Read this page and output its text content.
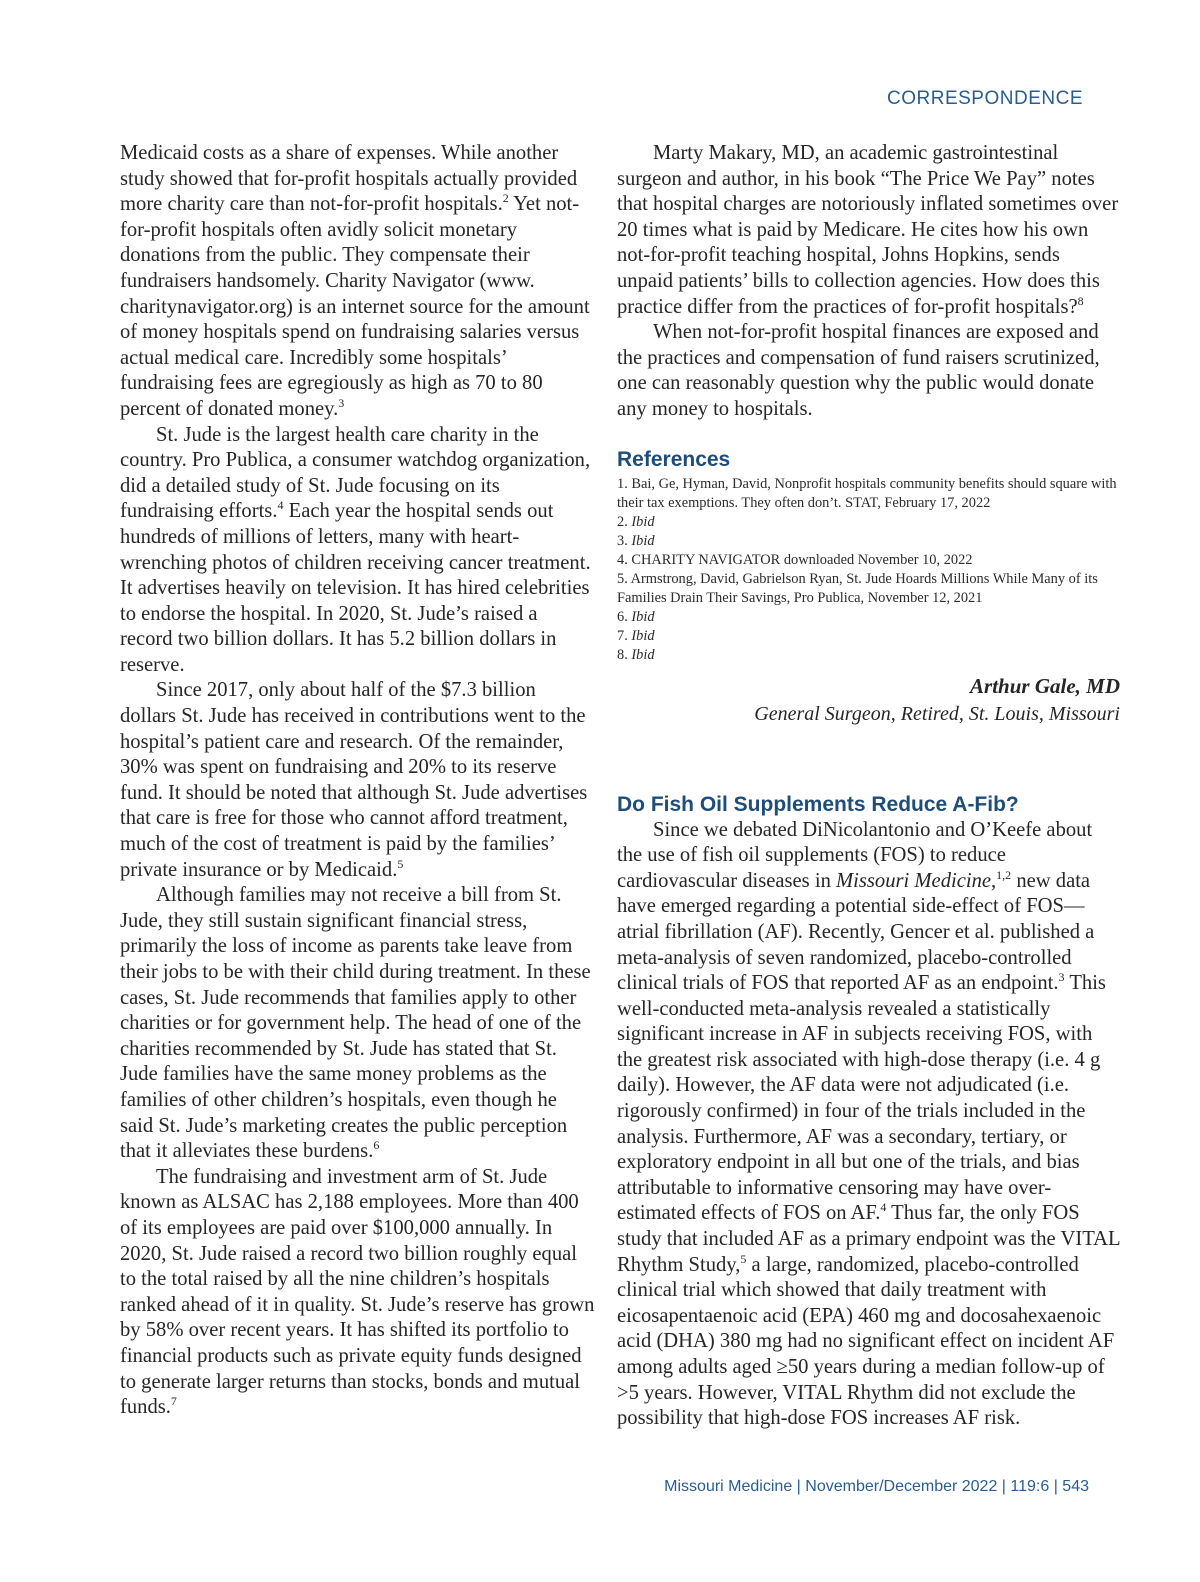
CORRESPONDENCE

Medicaid costs as a share of expenses. While another study showed that for-profit hospitals actually provided more charity care than not-for-profit hospitals.$^2$ Yet not-for-profit hospitals often avidly solicit monetary donations from the public. They compensate their fundraisers handsomely. Charity Navigator (www. charitynavigator.org) is an internet source for the amount of money hospitals spend on fundraising salaries versus actual medical care. Incredibly some hospitals’ fundraising fees are egregiously as high as 70 to 80 percent of donated money.$^3$

St. Jude is the largest health care charity in the country. Pro Publica, a consumer watchdog organization, did a detailed study of St. Jude focusing on its fundraising efforts.$^4$ Each year the hospital sends out hundreds of millions of letters, many with heart-wrenching photos of children receiving cancer treatment. It advertises heavily on television. It has hired celebrities to endorse the hospital. In 2020, St. Jude’s raised a record two billion dollars. It has 5.2 billion dollars in reserve.

Since 2017, only about half of the $7.3 billion dollars St. Jude has received in contributions went to the hospital’s patient care and research. Of the remainder, 30% was spent on fundraising and 20% to its reserve fund. It should be noted that although St. Jude advertises that care is free for those who cannot afford treatment, much of the cost of treatment is paid by the families’ private insurance or by Medicaid.$^5$

Although families may not receive a bill from St. Jude, they still sustain significant financial stress, primarily the loss of income as parents take leave from their jobs to be with their child during treatment. In these cases, St. Jude recommends that families apply to other charities or for government help. The head of one of the charities recommended by St. Jude has stated that St. Jude families have the same money problems as the families of other children’s hospitals, even though he said St. Jude’s marketing creates the public perception that it alleviates these burdens.$^6$

The fundraising and investment arm of St. Jude known as ALSAC has 2,188 employees. More than 400 of its employees are paid over $100,000 annually. In 2020, St. Jude raised a record two billion roughly equal to the total raised by all the nine children’s hospitals ranked ahead of it in quality. St. Jude’s reserve has grown by 58% over recent years. It has shifted its portfolio to financial products such as private equity funds designed to generate larger returns than stocks, bonds and mutual funds.$^7$

Marty Makary, MD, an academic gastrointestinal surgeon and author, in his book “The Price We Pay” notes that hospital charges are notoriously inflated sometimes over 20 times what is paid by Medicare. He cites how his own not-for-profit teaching hospital, Johns Hopkins, sends unpaid patients’ bills to collection agencies. How does this practice differ from the practices of for-profit hospitals?$^8$

When not-for-profit hospital finances are exposed and the practices and compensation of fund raisers scrutinized, one can reasonably question why the public would donate any money to hospitals.

References
1. Bai, Ge, Hyman, David, Nonprofit hospitals community benefits should square with their tax exemptions. They often don’t. STAT, February 17, 2022
2. Ibid
3. Ibid
4. CHARITY NAVIGATOR downloaded November 10, 2022
5. Armstrong, David, Gabrielson Ryan, St. Jude Hoards Millions While Many of its Families Drain Their Savings, Pro Publica, November 12, 2021
6. Ibid
7. Ibid
8. Ibid
Arthur Gale, MD
General Surgeon, Retired, St. Louis, Missouri
Do Fish Oil Supplements Reduce A-Fib?

Since we debated DiNicolantonio and O’Keefe about the use of fish oil supplements (FOS) to reduce cardiovascular diseases in Missouri Medicine,$^{1,2}$ new data have emerged regarding a potential side-effect of FOS—atrial fibrillation (AF). Recently, Gencer et al. published a meta-analysis of seven randomized, placebo-controlled clinical trials of FOS that reported AF as an endpoint.$^3$ This well-conducted meta-analysis revealed a statistically significant increase in AF in subjects receiving FOS, with the greatest risk associated with high-dose therapy (i.e. 4 g daily). However, the AF data were not adjudicated (i.e. rigorously confirmed) in four of the trials included in the analysis. Furthermore, AF was a secondary, tertiary, or exploratory endpoint in all but one of the trials, and bias attributable to informative censoring may have over-estimated effects of FOS on AF.$^4$ Thus far, the only FOS study that included AF as a primary endpoint was the VITAL Rhythm Study,$^5$ a large, randomized, placebo-controlled clinical trial which showed that daily treatment with eicosapentaenoic acid (EPA) 460 mg and docosahexaenoic acid (DHA) 380 mg had no significant effect on incident AF among adults aged ≥50 years during a median follow-up of >5 years. However, VITAL Rhythm did not exclude the possibility that high-dose FOS increases AF risk.

Missouri Medicine | November/December 2022 | 119:6 | 543
